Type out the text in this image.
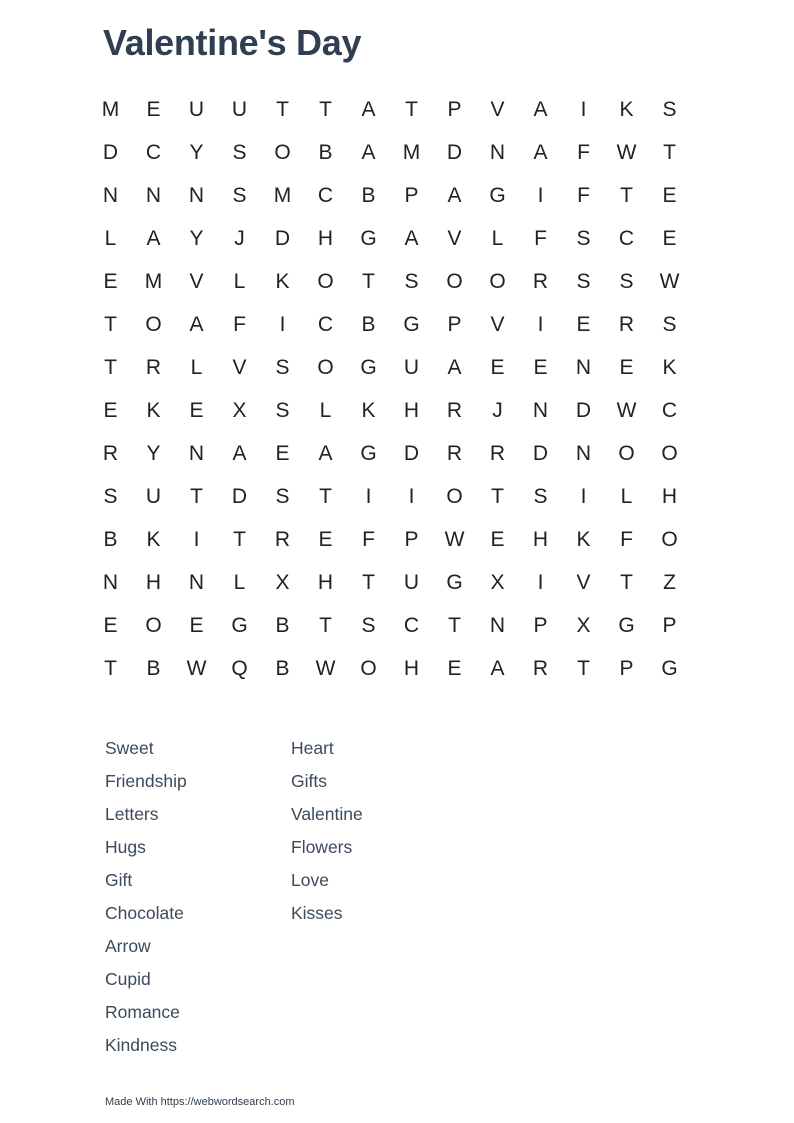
Valentine's Day
M	E	U	U	T	T	A	T	P	V	A	I	K	S
D	C	Y	S	O	B	A	M	D	N	A	F	W	T
N	N	N	S	M	C	B	P	A	G	I	F	T	E
L	A	Y	J	D	H	G	A	V	L	F	S	C	E
E	M	V	L	K	O	T	S	O	O	R	S	S	W
T	O	A	F	I	C	B	G	P	V	I	E	R	S
T	R	L	V	S	O	G	U	A	E	E	N	E	K
E	K	E	X	S	L	K	H	R	J	N	D	W	C
R	Y	N	A	E	A	G	D	R	R	D	N	O	O
S	U	T	D	S	T	I	I	O	T	S	I	L	H
B	K	I	T	R	E	F	P	W	E	H	K	F	O
N	H	N	L	X	H	T	U	G	X	I	V	T	Z
E	O	E	G	B	T	S	C	T	N	P	X	G	P
T	B	W	Q	B	W	O	H	E	A	R	T	P	G
Sweet
Friendship
Letters
Hugs
Gift
Chocolate
Arrow
Cupid
Romance
Kindness
Heart
Gifts
Valentine
Flowers
Love
Kisses
Made With https://webwordsearch.com
